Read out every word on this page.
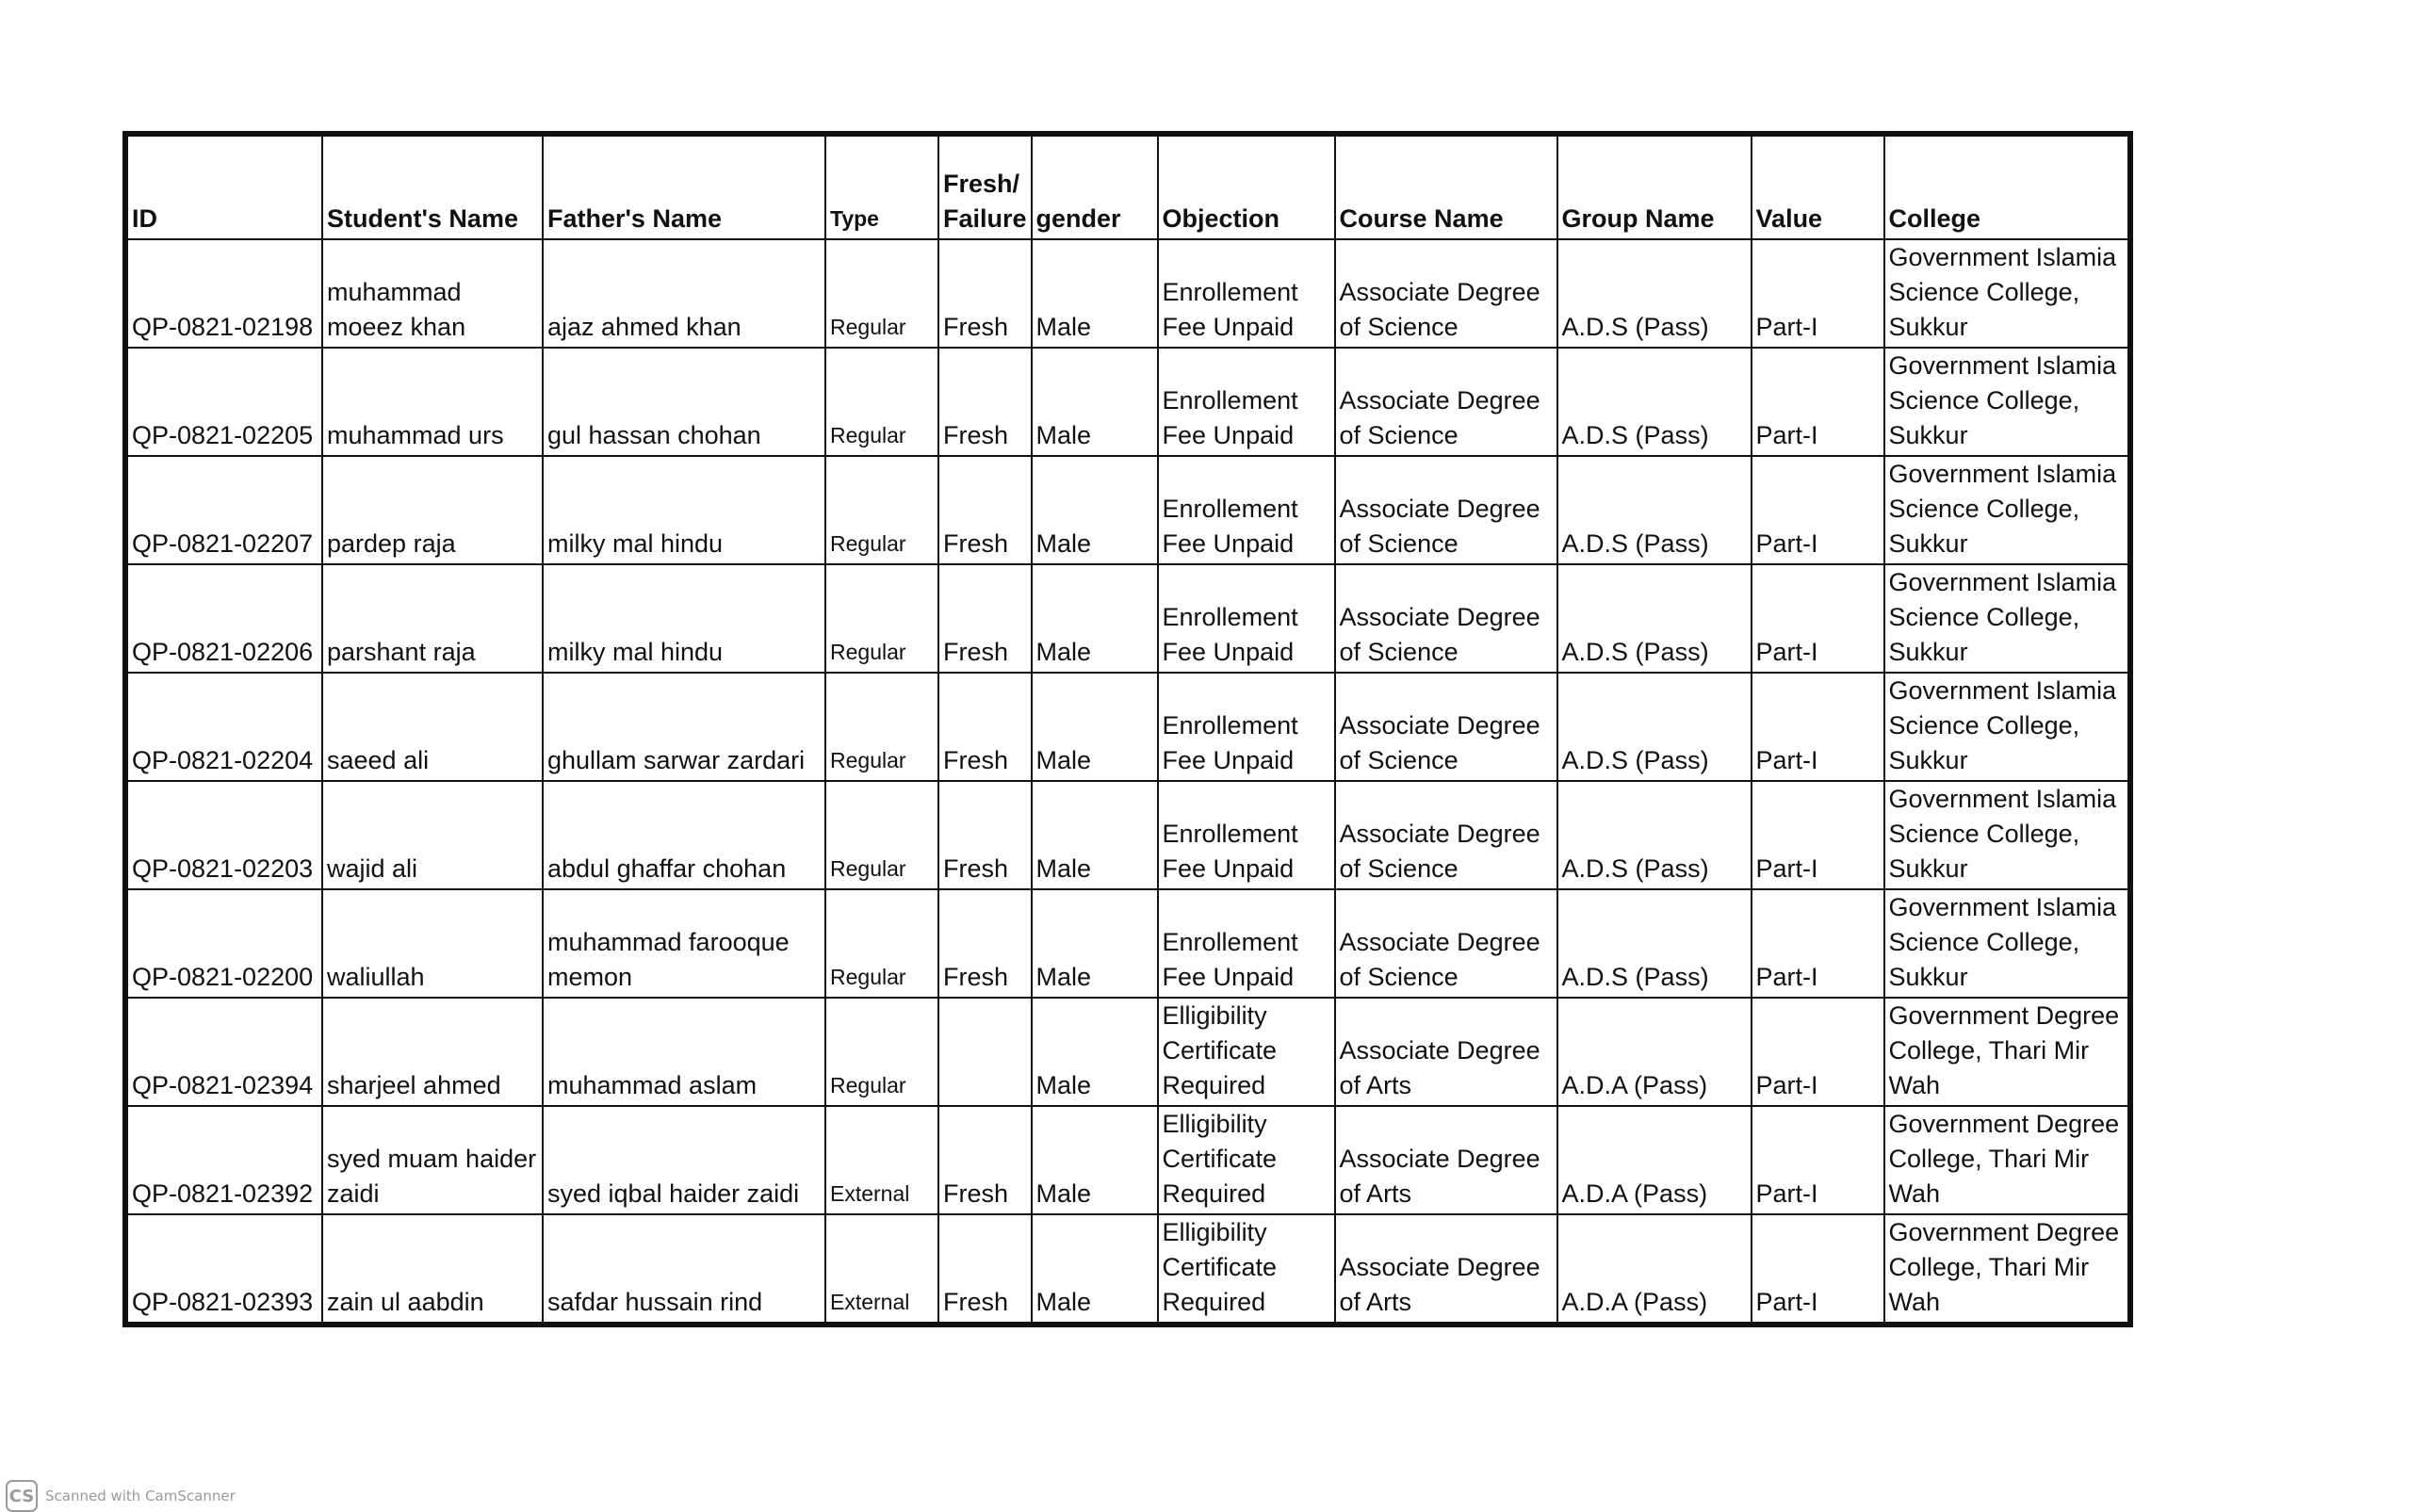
ID	Student's Name	Father's Name	Type	Fresh/ Failure	gender	Objection	Course Name	Group Name	Value	College
QP-0821-02198	muhammad moeez khan	ajaz ahmed khan	Regular	Fresh	Male	Enrollement Fee Unpaid	Associate Degree of Science	A.D.S (Pass)	Part-I	Government Islamia Science College, Sukkur
QP-0821-02205	muhammad urs	gul hassan chohan	Regular	Fresh	Male	Enrollement Fee Unpaid	Associate Degree of Science	A.D.S (Pass)	Part-I	Government Islamia Science College, Sukkur
QP-0821-02207	pardep raja	milky mal hindu	Regular	Fresh	Male	Enrollement Fee Unpaid	Associate Degree of Science	A.D.S (Pass)	Part-I	Government Islamia Science College, Sukkur
QP-0821-02206	parshant raja	milky mal hindu	Regular	Fresh	Male	Enrollement Fee Unpaid	Associate Degree of Science	A.D.S (Pass)	Part-I	Government Islamia Science College, Sukkur
QP-0821-02204	saeed ali	ghullam sarwar zardari	Regular	Fresh	Male	Enrollement Fee Unpaid	Associate Degree of Science	A.D.S (Pass)	Part-I	Government Islamia Science College, Sukkur
QP-0821-02203	wajid ali	abdul ghaffar chohan	Regular	Fresh	Male	Enrollement Fee Unpaid	Associate Degree of Science	A.D.S (Pass)	Part-I	Government Islamia Science College, Sukkur
QP-0821-02200	waliullah	muhammad farooque memon	Regular	Fresh	Male	Enrollement Fee Unpaid	Associate Degree of Science	A.D.S (Pass)	Part-I	Government Islamia Science College, Sukkur
QP-0821-02394	sharjeel ahmed	muhammad aslam	Regular		Male	Elligibility Certificate Required	Associate Degree of Arts	A.D.A (Pass)	Part-I	Government Degree College, Thari Mir Wah
QP-0821-02392	syed muam haider zaidi	syed iqbal haider zaidi	External	Fresh	Male	Elligibility Certificate Required	Associate Degree of Arts	A.D.A (Pass)	Part-I	Government Degree College, Thari Mir Wah
QP-0821-02393	zain ul aabdin	safdar hussain rind	External	Fresh	Male	Elligibility Certificate Required	Associate Degree of Arts	A.D.A (Pass)	Part-I	Government Degree College, Thari Mir Wah
CS Scanned with CamScanner
